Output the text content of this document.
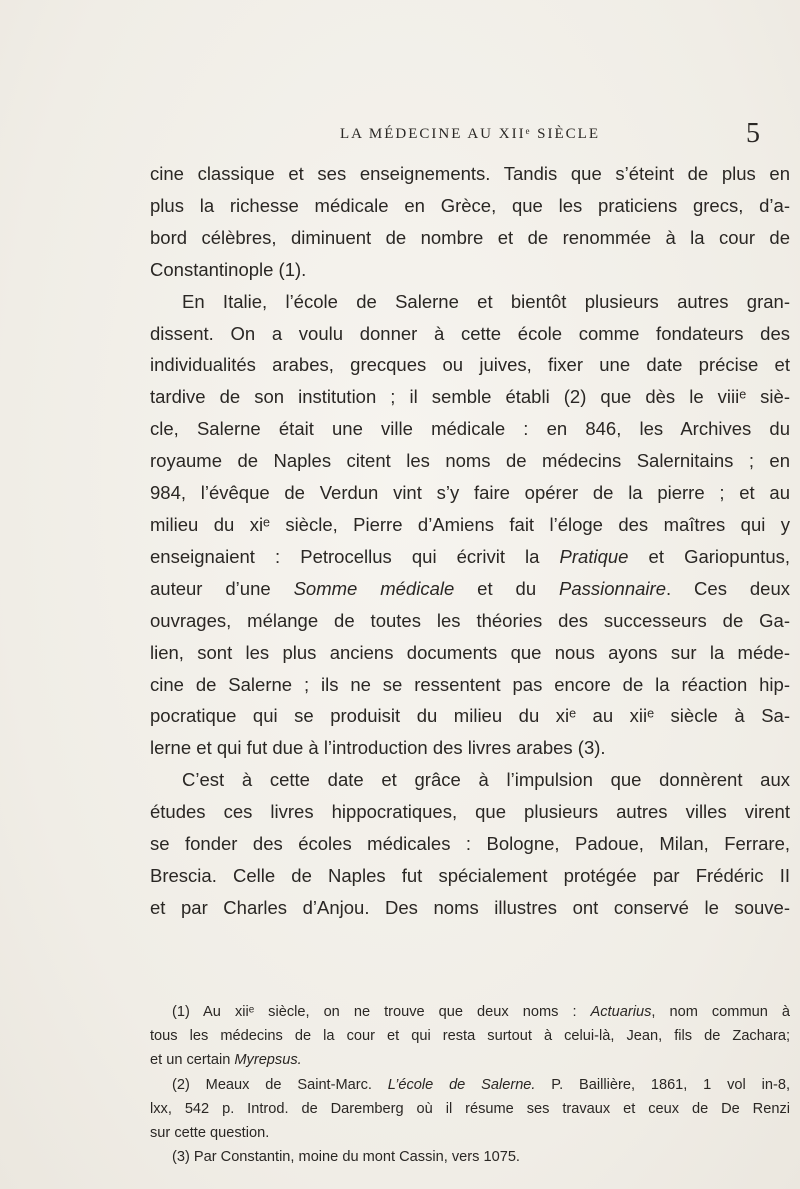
LA MÉDECINE AU XIIᵉ SIÈCLE	5
cine classique et ses enseignements. Tandis que s’éteint de plus en
plus la richesse médicale en Grèce, que les praticiens grecs, d’a-
bord célèbres, diminuent de nombre et de renommée à la cour de
Constantinople (1).
En Italie, l’école de Salerne et bientôt plusieurs autres gran-
dissent. On a voulu donner à cette école comme fondateurs des
individualités arabes, grecques ou juives, fixer une date précise et
tardive de son institution ; il semble établi (2) que dès le viiiᵉ siè-
cle, Salerne était une ville médicale : en 846, les Archives du
royaume de Naples citent les noms de médecins Salernitains ; en
984, l’évêque de Verdun vint s’y faire opérer de la pierre ; et au
milieu du xiᵉ siècle, Pierre d’Amiens fait l’éloge des maîtres qui y
enseignaient : Petrocellus qui écrivit la Pratique et Gariopuntus,
auteur d’une Somme médicale et du Passionnaire. Ces deux
ouvrages, mélange de toutes les théories des successeurs de Ga-
lien, sont les plus anciens documents que nous ayons sur la méde-
cine de Salerne ; ils ne se ressentent pas encore de la réaction hip-
pocratique qui se produisit du milieu du xiᵉ au xiiᵉ siècle à Sa-
lerne et qui fut due à l’introduction des livres arabes (3).
C’est à cette date et grâce à l’impulsion que donnèrent aux
études ces livres hippocratiques, que plusieurs autres villes virent
se fonder des écoles médicales : Bologne, Padoue, Milan, Ferrare,
Brescia. Celle de Naples fut spécialement protégée par Frédéric II
et par Charles d’Anjou. Des noms illustres ont conservé le souve-
(1) Au xiiᵉ siècle, on ne trouve que deux noms : Actuarius, nom commun à
tous les médecins de la cour et qui resta surtout à celui-là, Jean, fils de Zachara;
et un certain Myrepsus.
(2) Meaux de Saint-Marc. L’école de Salerne. P. Baillière, 1861, 1 vol in-8,
lxx, 542 p. Introd. de Daremberg où il résume ses travaux et ceux de De Renzi
sur cette question.
(3) Par Constantin, moine du mont Cassin, vers 1075.
